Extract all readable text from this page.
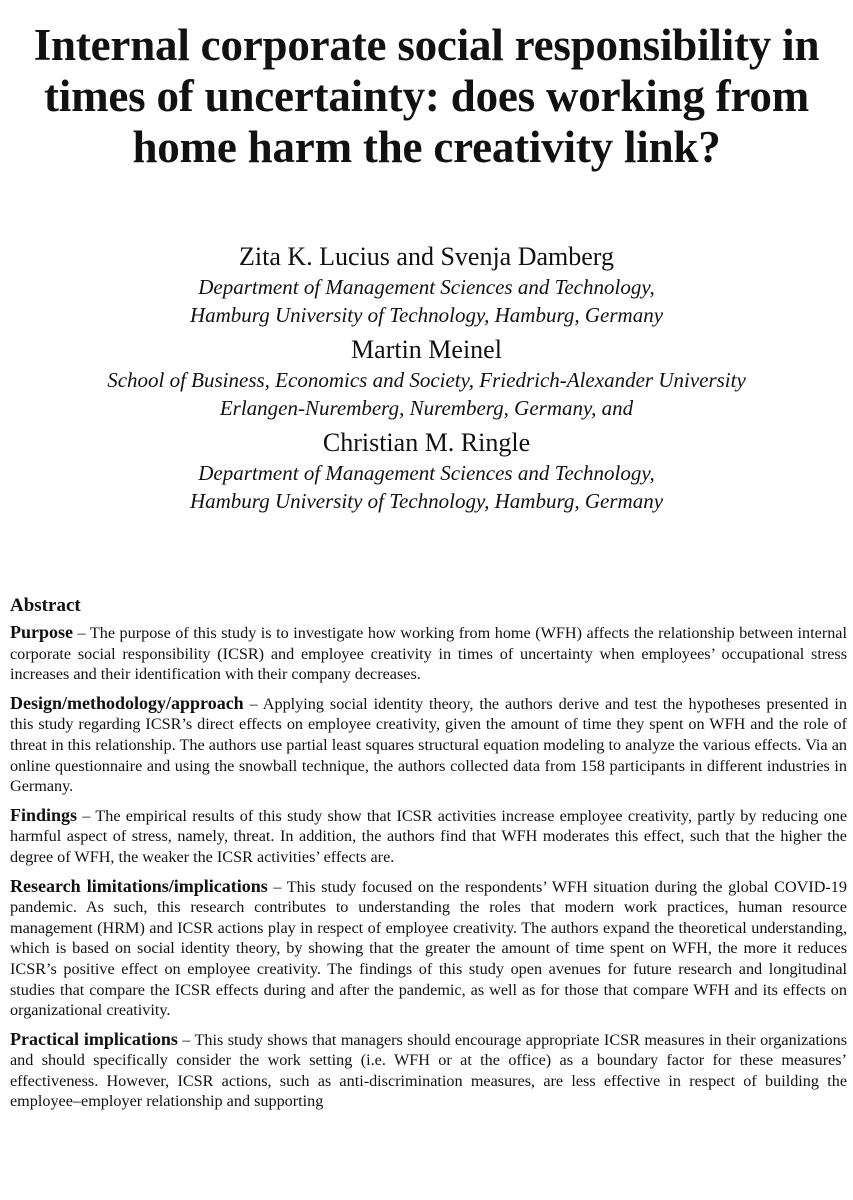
Internal corporate social responsibility in times of uncertainty: does working from home harm the creativity link?

Zita K. Lucius and Svenja Damberg

Department of Management Sciences and Technology,

Hamburg University of Technology, Hamburg, Germany

Martin Meinel

School of Business, Economics and Society, Friedrich-Alexander University

Erlangen-Nuremberg, Nuremberg, Germany, and

Christian M. Ringle

Department of Management Sciences and Technology,

Hamburg University of Technology, Hamburg, Germany

Abstract

Purpose – The purpose of this study is to investigate how working from home (WFH) affects the relationship between internal corporate social responsibility (ICSR) and employee creativity in times of uncertainty when employees’ occupational stress increases and their identification with their company decreases.

Design/methodology/approach – Applying social identity theory, the authors derive and test the hypotheses presented in this study regarding ICSR’s direct effects on employee creativity, given the amount of time they spent on WFH and the role of threat in this relationship. The authors use partial least squares structural equation modeling to analyze the various effects. Via an online questionnaire and using the snowball technique, the authors collected data from 158 participants in different industries in Germany.

Findings – The empirical results of this study show that ICSR activities increase employee creativity, partly by reducing one harmful aspect of stress, namely, threat. In addition, the authors find that WFH moderates this effect, such that the higher the degree of WFH, the weaker the ICSR activities’ effects are.

Research limitations/implications – This study focused on the respondents’ WFH situation during the global COVID-19 pandemic. As such, this research contributes to understanding the roles that modern work practices, human resource management (HRM) and ICSR actions play in respect of employee creativity. The authors expand the theoretical understanding, which is based on social identity theory, by showing that the greater the amount of time spent on WFH, the more it reduces ICSR’s positive effect on employee creativity. The findings of this study open avenues for future research and longitudinal studies that compare the ICSR effects during and after the pandemic, as well as for those that compare WFH and its effects on organizational creativity.

Practical implications – This study shows that managers should encourage appropriate ICSR measures in their organizations and should specifically consider the work setting (i.e. WFH or at the office) as a boundary factor for these measures’ effectiveness. However, ICSR actions, such as anti-discrimination measures, are less effective in respect of building the employee–employer relationship and supporting
